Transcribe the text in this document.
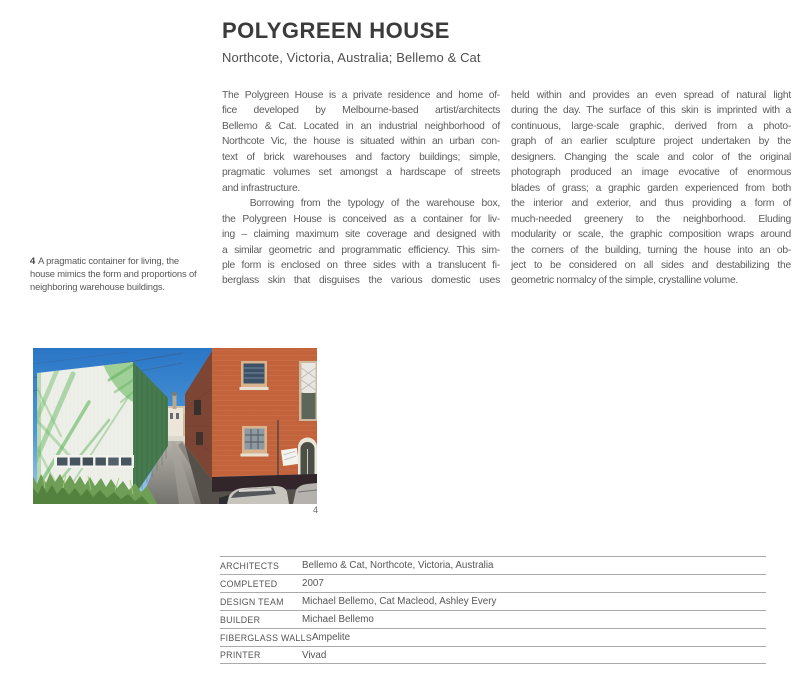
POLYGREEN HOUSE
Northcote, Victoria, Australia; Bellemo & Cat
The Polygreen House is a private residence and home of-
fice developed by Melbourne-based artist/architects
Bellemo & Cat. Located in an industrial neighborhood of
Northcote Vic, the house is situated within an urban con-
text of brick warehouses and factory buildings; simple,
pragmatic volumes set amongst a hardscape of streets
and infrastructure.
Borrowing from the typology of the warehouse box,
the Polygreen House is conceived as a container for liv-
ing – claiming maximum site coverage and designed with
a similar geometric and programmatic efficiency. This sim-
ple form is enclosed on three sides with a translucent fi-
berglass skin that disguises the various domestic uses
held within and provides an even spread of natural light
during the day. The surface of this skin is imprinted with a
continuous, large-scale graphic, derived from a photo-
graph of an earlier sculpture project undertaken by the
designers. Changing the scale and color of the original
photograph produced an image evocative of enormous
blades of grass; a graphic garden experienced from both
the interior and exterior, and thus providing a form of
much-needed greenery to the neighborhood. Eluding
modularity or scale, the graphic composition wraps around
the corners of the building, turning the house into an ob-
ject to be considered on all sides and destabilizing the
geometric normalcy of the simple, crystalline volume.
4 A pragmatic container for living, the
house mimics the form and proportions of
neighboring warehouse buildings.
4
ARCHITECTS	Bellemo & Cat, Northcote, Victoria, Australia
COMPLETED	2007
DESIGN TEAM	Michael Bellemo, Cat Macleod, Ashley Every
BUILDER	Michael Bellemo
FIBERGLASS WALLS Ampelite
PRINTER	Vivad
